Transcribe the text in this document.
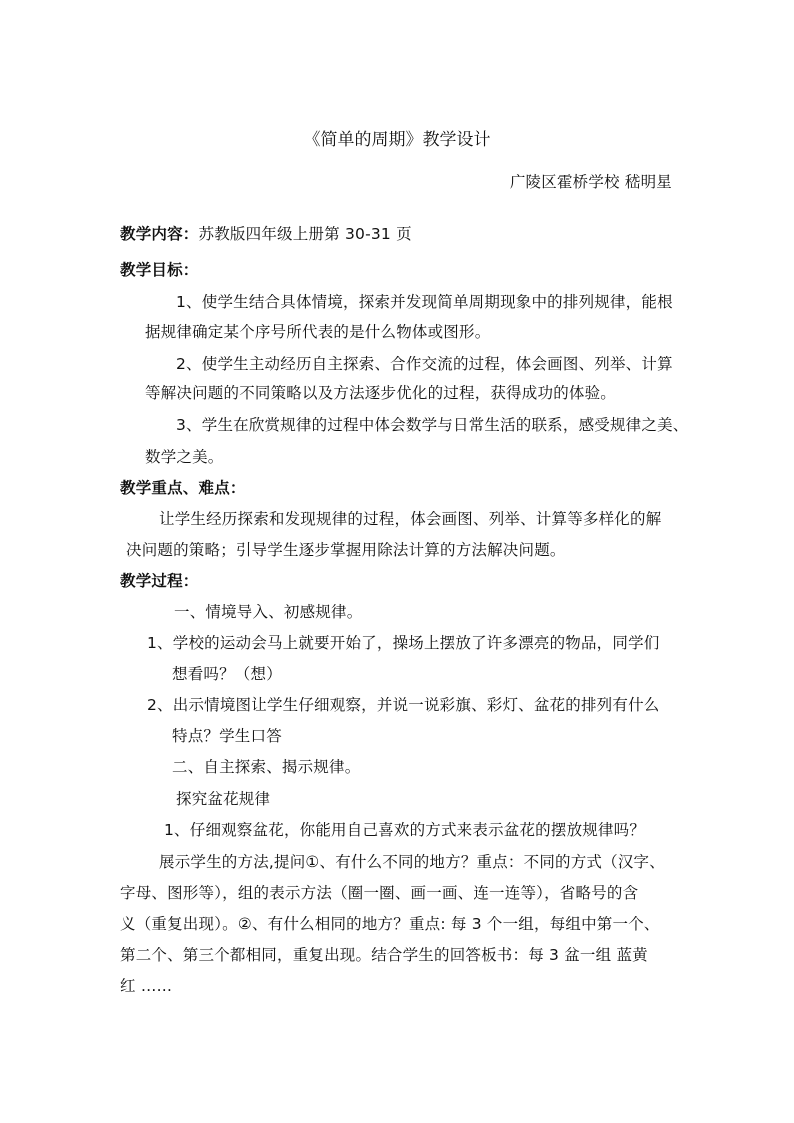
《简单的周期》教学设计
广陵区霍桥学校 嵇明星
教学内容：苏教版四年级上册第 30-31 页
教学目标：
1、使学生结合具体情境，探索并发现简单周期现象中的排列规律，能根
据规律确定某个序号所代表的是什么物体或图形。
2、使学生主动经历自主探索、合作交流的过程，体会画图、列举、计算
等解决问题的不同策略以及方法逐步优化的过程，获得成功的体验。
3、学生在欣赏规律的过程中体会数学与日常生活的联系，感受规律之美、
数学之美。
教学重点、难点：
让学生经历探索和发现规律的过程，体会画图、列举、计算等多样化的解
决问题的策略；引导学生逐步掌握用除法计算的方法解决问题。
教学过程：
一、情境导入、初感规律。
1、学校的运动会马上就要开始了，操场上摆放了许多漂亮的物品，同学们
想看吗？（想）
2、出示情境图让学生仔细观察，并说一说彩旗、彩灯、盆花的排列有什么
特点？学生口答
二、自主探索、揭示规律。
探究盆花规律
1、仔细观察盆花，你能用自己喜欢的方式来表示盆花的摆放规律吗？
展示学生的方法,提问①、有什么不同的地方？重点：不同的方式（汉字、
字母、图形等），组的表示方法（圈一圈、画一画、连一连等），省略号的含
义（重复出现）。②、有什么相同的地方？重点: 每 3 个一组，每组中第一个、
第二个、第三个都相同，重复出现。结合学生的回答板书：每 3 盆一组 蓝黄
红 ……
